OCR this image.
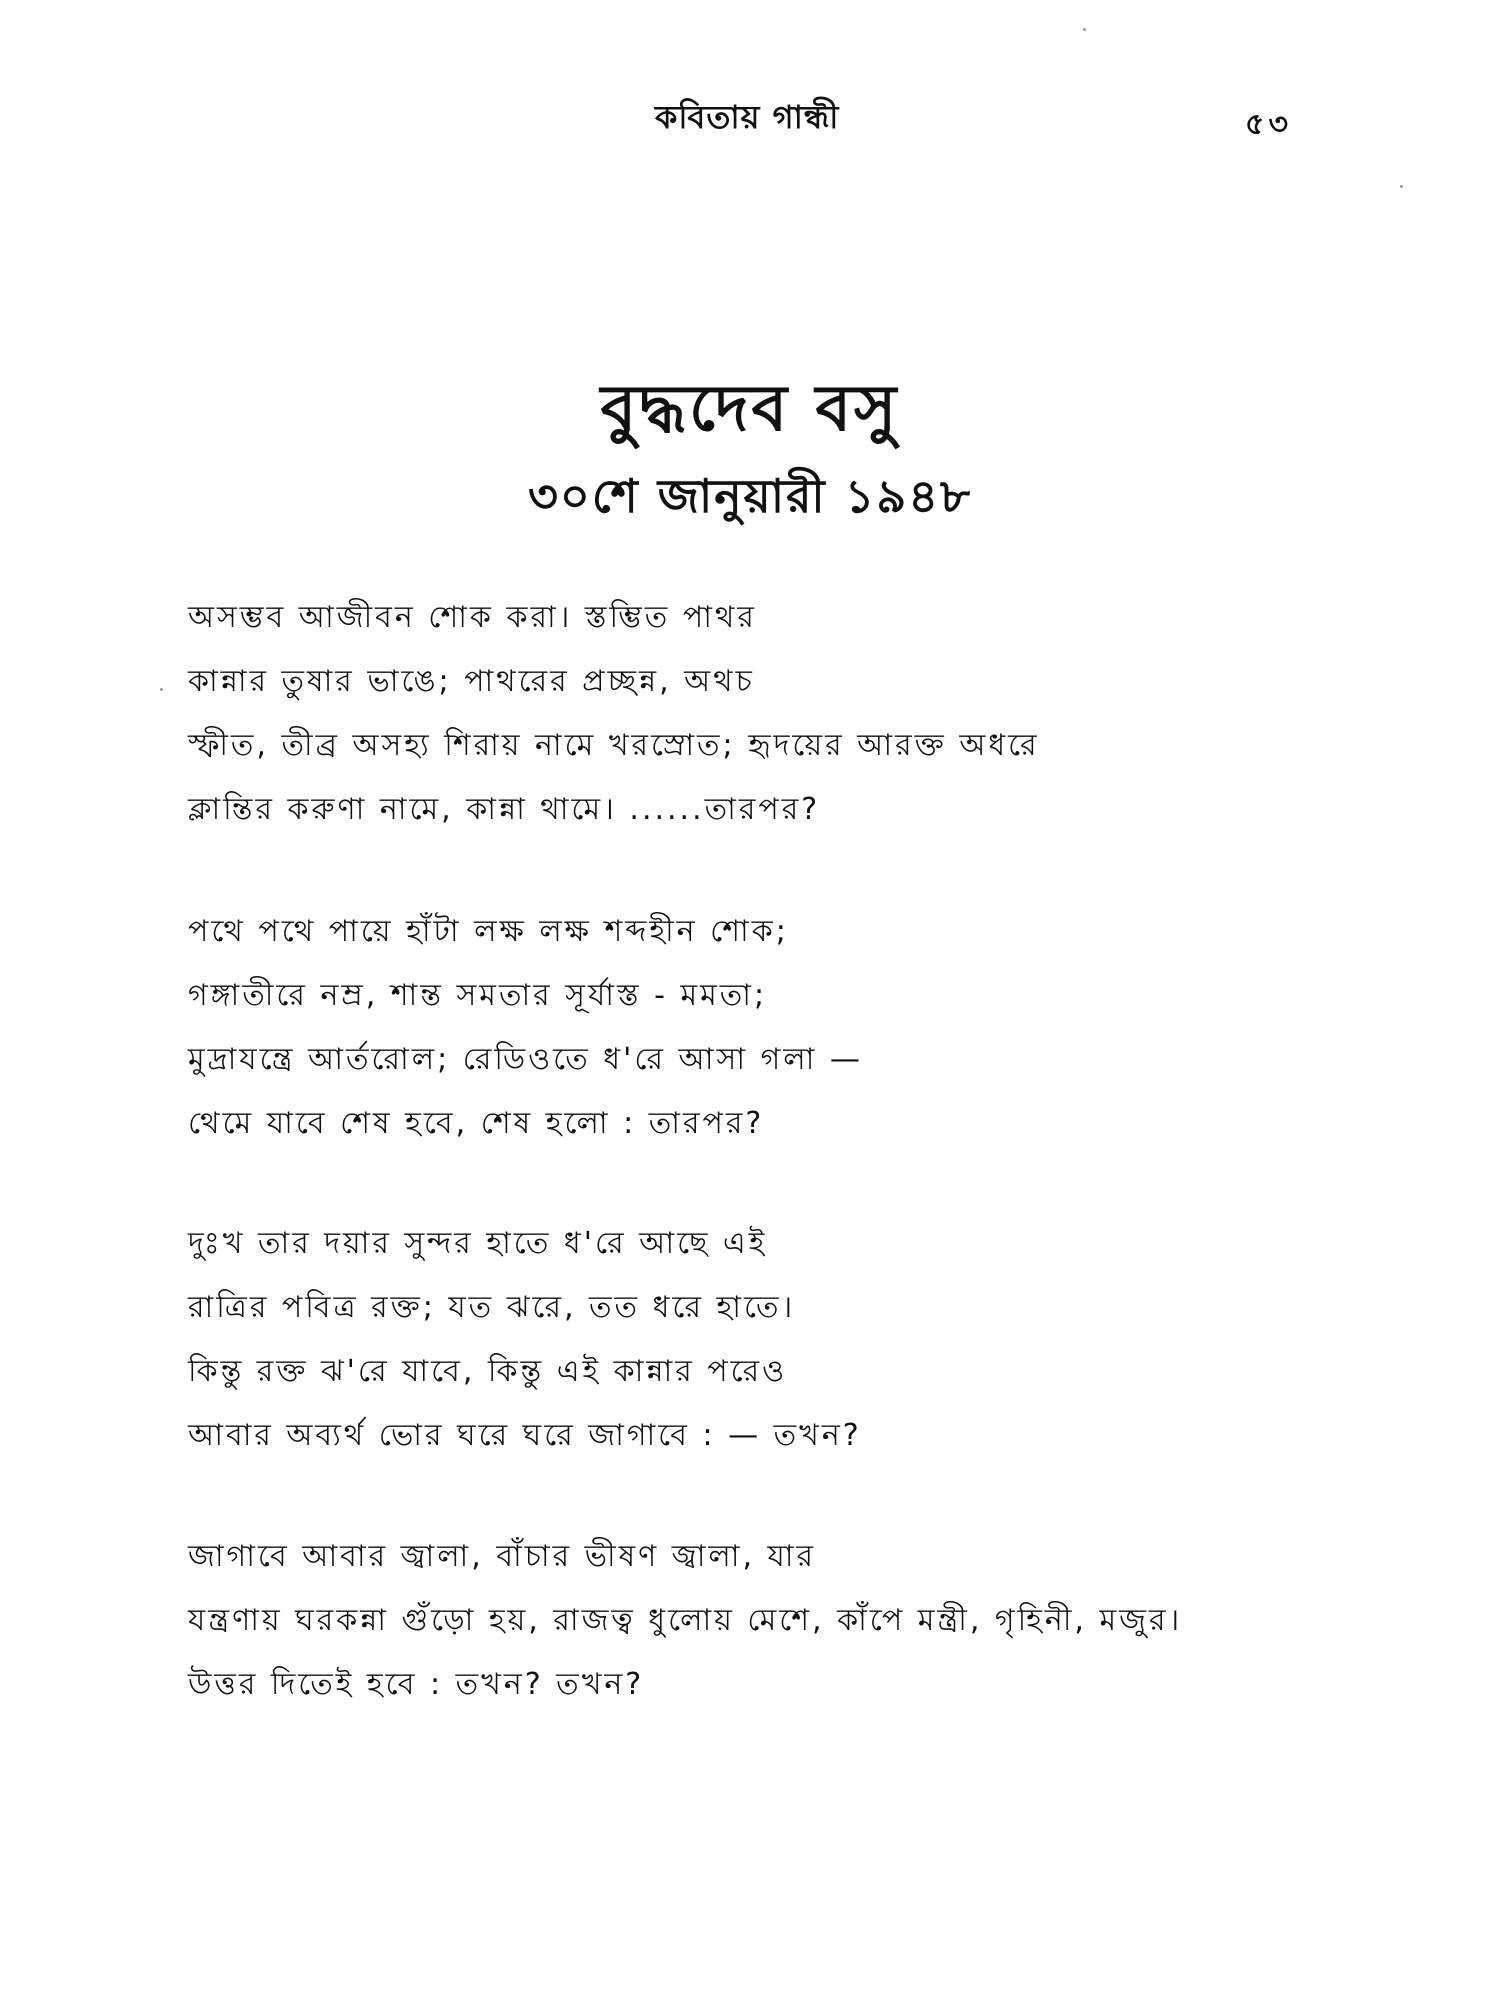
কবিতায় গান্ধী	৫৩
বুদ্ধদেব বসু
৩০শে জানুয়ারী ১৯৪৮
অসম্ভব আজীবন শোক করা। স্তম্ভিত পাথর
কান্নার তুষার ভাঙে; পাথরের প্রচ্ছন্ন, অথচ
স্ফীত, তীব্র অসহ্য শিরায় নামে খরস্রোত; হৃদয়ের আরক্ত অধরে
ক্লান্তির করুণা নামে, কান্না থামে। ......তারপর?
পথে পথে পায়ে হাঁটা লক্ষ লক্ষ শব্দহীন শোক;
গঙ্গাতীরে নম্র, শান্ত সমতার সূর্যাস্ত - মমতা;
মুদ্রাযন্ত্রে আর্তরোল; রেডিওতে ধ'রে আসা গলা —
থেমে যাবে শেষ হবে, শেষ হলো : তারপর?
দুঃখ তার দয়ার সুন্দর হাতে ধ'রে আছে এই
রাত্রির পবিত্র রক্ত; যত ঝরে, তত ধরে হাতে।
কিন্তু রক্ত ঝ'রে যাবে, কিন্তু এই কান্নার পরেও
আবার অব্যর্থ ভোর ঘরে ঘরে জাগাবে : — তখন?
জাগাবে আবার জ্বালা, বাঁচার ভীষণ জ্বালা, যার
যন্ত্রণায় ঘরকন্না গুঁড়ো হয়, রাজত্ব ধুলোয় মেশে, কাঁপে মন্ত্রী, গৃহিনী, মজুর।
উত্তর দিতেই হবে : তখন? তখন?
